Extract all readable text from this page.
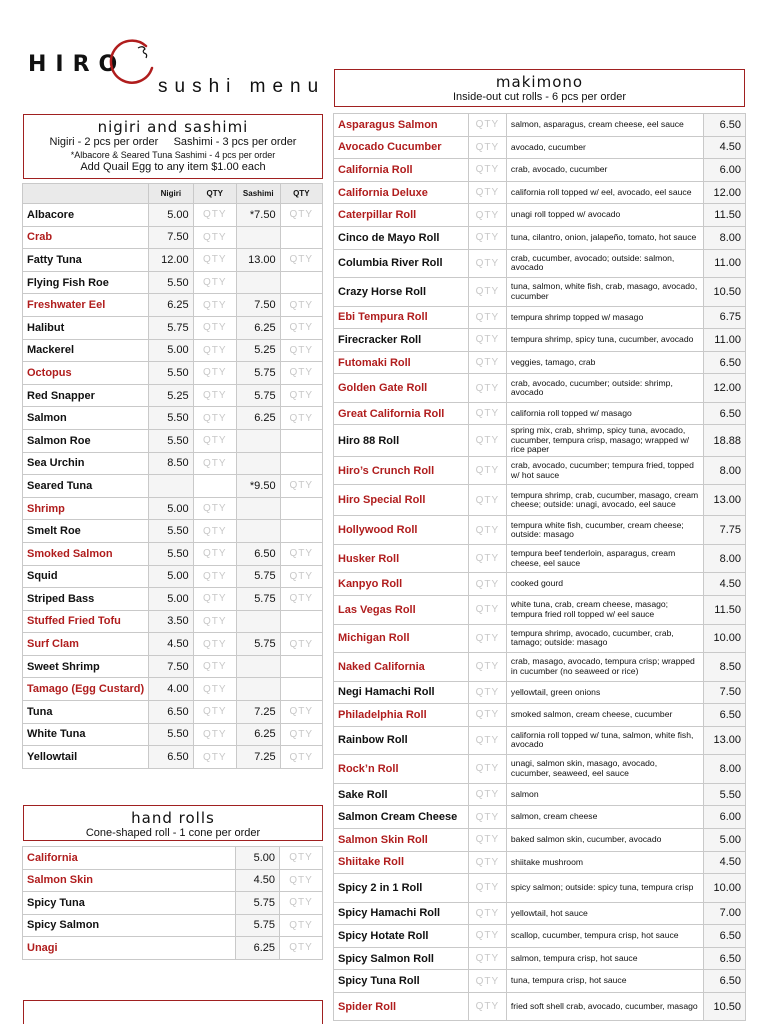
HIRO
sushi menu
nigiri and sashimi
Nigiri - 2 pcs per order     Sashimi - 3 pcs per order
*Albacore & Seared Tuna Sashimi - 4 pcs per order
Add Quail Egg to any item $1.00 each
	Nigiri	QTY	Sashimi	QTY
Albacore	5.00	QTY	*7.50	QTY
Crab	7.50	QTY		
Fatty Tuna	12.00	QTY	13.00	QTY
Flying Fish Roe	5.50	QTY		
Freshwater Eel	6.25	QTY	7.50	QTY
Halibut	5.75	QTY	6.25	QTY
Mackerel	5.00	QTY	5.25	QTY
Octopus	5.50	QTY	5.75	QTY
Red Snapper	5.25	QTY	5.75	QTY
Salmon	5.50	QTY	6.25	QTY
Salmon Roe	5.50	QTY		
Sea Urchin	8.50	QTY		
Seared Tuna			*9.50	QTY
Shrimp	5.00	QTY		
Smelt Roe	5.50	QTY		
Smoked Salmon	5.50	QTY	6.50	QTY
Squid	5.00	QTY	5.75	QTY
Striped Bass	5.00	QTY	5.75	QTY
Stuffed Fried Tofu	3.50	QTY		
Surf Clam	4.50	QTY	5.75	QTY
Sweet Shrimp	7.50	QTY		
Tamago (Egg Custard)	4.00	QTY		
Tuna	6.50	QTY	7.25	QTY
White Tuna	5.50	QTY	6.25	QTY
Yellowtail	6.50	QTY	7.25	QTY
hand rolls
Cone-shaped roll - 1 cone per order
California	5.00	QTY
Salmon Skin	4.50	QTY
Spicy Tuna	5.75	QTY
Spicy Salmon	5.75	QTY
Unagi	6.25	QTY
makimono
Inside-out cut rolls - 6 pcs per order
Asparagus Salmon	QTY	salmon, asparagus, cream cheese, eel sauce	6.50
Avocado Cucumber	QTY	avocado, cucumber	4.50
California Roll	QTY	crab, avocado, cucumber	6.00
California Deluxe	QTY	california roll topped w/ eel, avocado, eel sauce	12.00
Caterpillar Roll	QTY	unagi roll topped w/ avocado	11.50
Cinco de Mayo Roll	QTY	tuna, cilantro, onion, jalapeño, tomato, hot sauce	8.00
Columbia River Roll	QTY	crab, cucumber, avocado; outside: salmon, avocado	11.00
Crazy Horse Roll	QTY	tuna, salmon, white fish, crab, masago, avocado, cucumber	10.50
Ebi Tempura Roll	QTY	tempura shrimp topped w/ masago	6.75
Firecracker Roll	QTY	tempura shrimp, spicy tuna, cucumber, avocado	11.00
Futomaki Roll	QTY	veggies, tamago, crab	6.50
Golden Gate Roll	QTY	crab, avocado, cucumber; outside: shrimp, avocado	12.00
Great California Roll	QTY	california roll topped w/ masago	6.50
Hiro 88 Roll	QTY	spring mix, crab, shrimp, spicy tuna, avocado, cucumber, tempura crisp, masago; wrapped w/ rice paper	18.88
Hiro’s Crunch Roll	QTY	crab, avocado, cucumber; tempura fried, topped w/ hot sauce	8.00
Hiro Special Roll	QTY	tempura shrimp, crab, cucumber, masago, cream cheese; outside: unagi, avocado, eel sauce	13.00
Hollywood Roll	QTY	tempura white fish, cucumber, cream cheese; outside: masago	7.75
Husker Roll	QTY	tempura beef tenderloin, asparagus, cream cheese, eel sauce	8.00
Kanpyo Roll	QTY	cooked gourd	4.50
Las Vegas Roll	QTY	white tuna, crab, cream cheese, masago; tempura fried roll topped w/ eel sauce	11.50
Michigan Roll	QTY	tempura shrimp, avocado, cucumber, crab, tamago; outside: masago	10.00
Naked California	QTY	crab, masago, avocado, tempura crisp; wrapped in cucumber (no seaweed or rice)	8.50
Negi Hamachi Roll	QTY	yellowtail, green onions	7.50
Philadelphia Roll	QTY	smoked salmon, cream cheese, cucumber	6.50
Rainbow Roll	QTY	california roll topped w/ tuna, salmon, white fish, avocado	13.00
Rock’n Roll	QTY	unagi, salmon skin, masago, avocado, cucumber, seaweed, eel sauce	8.00
Sake Roll	QTY	salmon	5.50
Salmon Cream Cheese	QTY	salmon, cream cheese	6.00
Salmon Skin Roll	QTY	baked salmon skin, cucumber, avocado	5.00
Shiitake Roll	QTY	shiitake mushroom	4.50
Spicy 2 in 1 Roll	QTY	spicy salmon; outside: spicy tuna, tempura crisp	10.00
Spicy Hamachi Roll	QTY	yellowtail, hot sauce	7.00
Spicy Hotate Roll	QTY	scallop, cucumber, tempura crisp, hot sauce	6.50
Spicy Salmon Roll	QTY	salmon, tempura crisp, hot sauce	6.50
Spicy Tuna Roll	QTY	tuna, tempura crisp, hot sauce	6.50
Spider Roll	QTY	fried soft shell crab, avocado, cucumber, masago	10.50
